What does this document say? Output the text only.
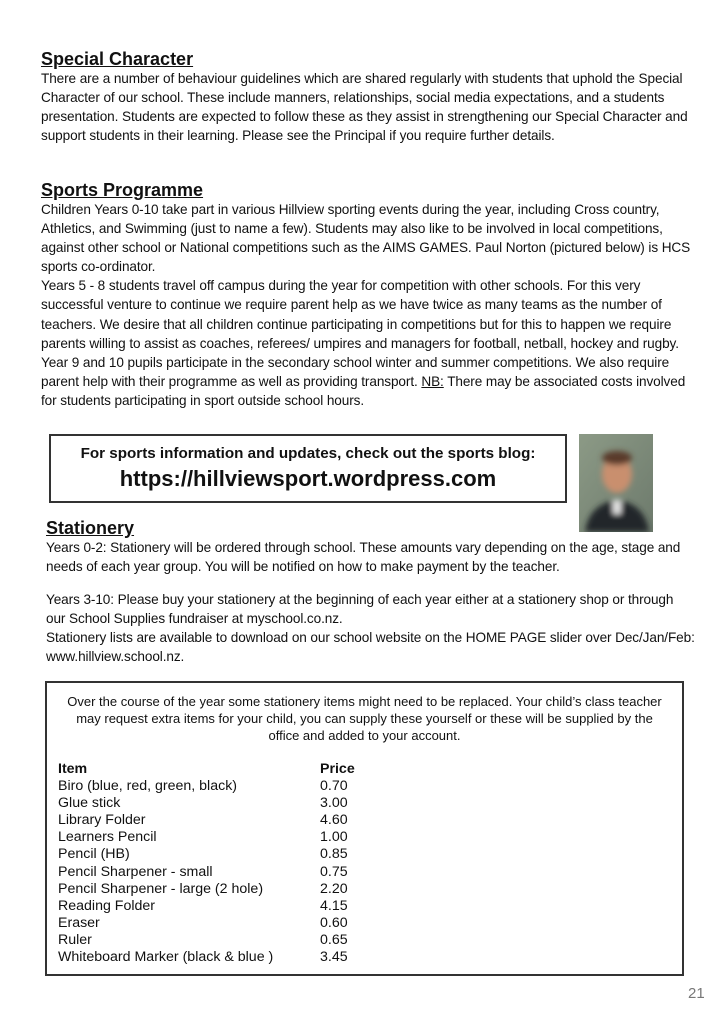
Special Character
There are a number of behaviour guidelines which are shared regularly with students that uphold the Special Character of our school. These include manners, relationships, social media expectations, and a students presentation. Students are expected to follow these as they assist in strengthening our Special Character and support students in their learning. Please see the Principal if you require further details.
Sports Programme
Children Years 0-10 take part in various Hillview sporting events during the year, including Cross country, Athletics, and Swimming (just to name a few). Students may also like to be involved in local competitions, against other school or National competitions such as the AIMS GAMES. Paul Norton (pictured below) is HCS sports co-ordinator.
Years 5 - 8 students travel off campus during the year for competition with other schools. For this very successful venture to continue we require parent help as we have twice as many teams as the number of teachers. We desire that all children continue participating in competitions but for this to happen we require parents willing to assist as coaches, referees/ umpires and managers for football, netball, hockey and rugby.
Year 9 and 10 pupils participate in the secondary school winter and summer competitions. We also require parent help with their programme as well as providing transport. NB: There may be associated costs involved for students participating in sport outside school hours.
For sports information and updates, check out the sports blog:
https://hillviewsport.wordpress.com
Stationery
Years 0-2: Stationery will be ordered through school. These amounts vary depending on the age, stage and needs of each year group. You will be notified on how to make payment by the teacher.
Years 3-10: Please buy your stationery at the beginning of each year either at a stationery shop or through our School Supplies fundraiser at myschool.co.nz.
Stationery lists are available to download on our school website on the HOME PAGE slider over Dec/Jan/Feb: www.hillview.school.nz.
Over the course of the year some stationery items might need to be replaced. Your child’s class teacher may request extra items for your child, you can supply these yourself or these will be supplied by the office and added to your account.
Item	Price
Biro (blue, red, green, black)	0.70
Glue stick	3.00
Library Folder	4.60
Learners Pencil	1.00
Pencil (HB)	0.85
Pencil Sharpener - small	0.75
Pencil Sharpener - large (2 hole)	2.20
Reading Folder	4.15
Eraser	0.60
Ruler	0.65
Whiteboard Marker (black & blue )	3.45
21
